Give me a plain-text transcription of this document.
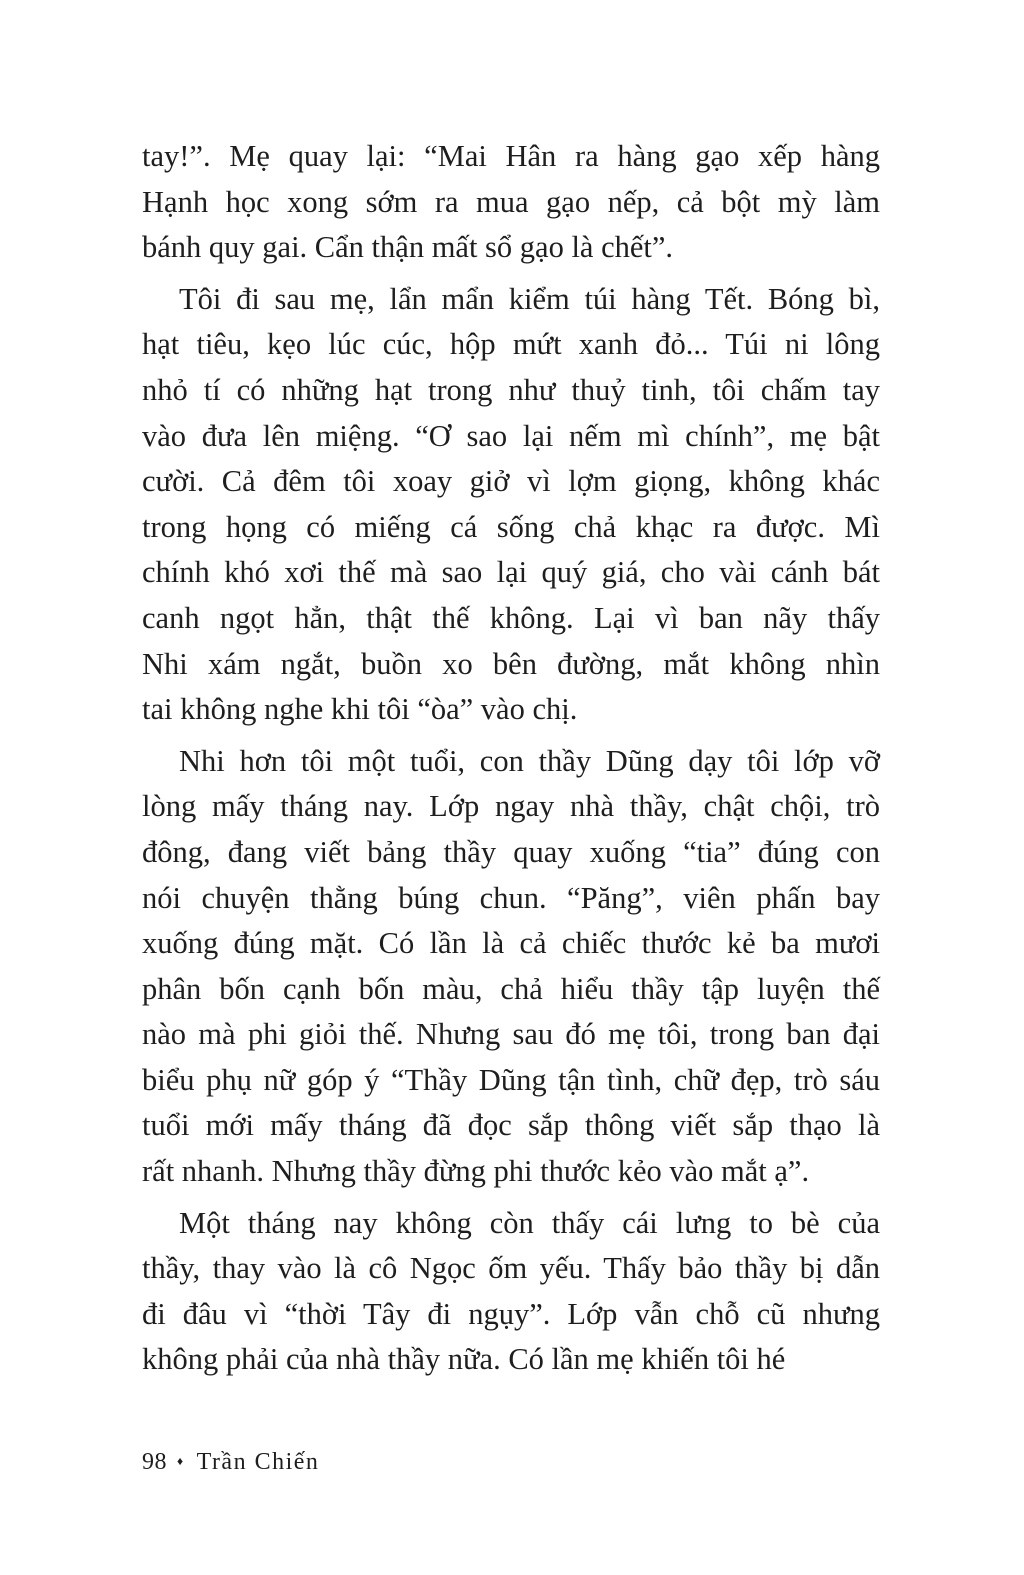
tay!”. Mẹ quay lại: “Mai Hân ra hàng gạo xếp hàng
Hạnh học xong sớm ra mua gạo nếp, cả bột mỳ làm
bánh quy gai. Cẩn thận mất sổ gạo là chết”.
Tôi đi sau mẹ, lẩn mẩn kiểm túi hàng Tết. Bóng bì,
hạt tiêu, kẹo lúc cúc, hộp mứt xanh đỏ... Túi ni lông
nhỏ tí có những hạt trong như thuỷ tinh, tôi chấm tay
vào đưa lên miệng. “Ơ sao lại nếm mì chính”, mẹ bật
cười. Cả đêm tôi xoay giở vì lợm giọng, không khác
trong họng có miếng cá sống chả khạc ra được. Mì
chính khó xơi thế mà sao lại quý giá, cho vài cánh bát
canh ngọt hẳn, thật thế không. Lại vì ban nãy thấy
Nhi xám ngắt, buồn xo bên đường, mắt không nhìn
tai không nghe khi tôi “òa” vào chị.
Nhi hơn tôi một tuổi, con thầy Dũng dạy tôi lớp vỡ
lòng mấy tháng nay. Lớp ngay nhà thầy, chật chội, trò
đông, đang viết bảng thầy quay xuống “tia” đúng con
nói chuyện thằng búng chun. “Păng”, viên phấn bay
xuống đúng mặt. Có lần là cả chiếc thước kẻ ba mươi
phân bốn cạnh bốn màu, chả hiểu thầy tập luyện thế
nào mà phi giỏi thế. Nhưng sau đó mẹ tôi, trong ban đại
biểu phụ nữ góp ý “Thầy Dũng tận tình, chữ đẹp, trò sáu
tuổi mới mấy tháng đã đọc sắp thông viết sắp thạo là
rất nhanh. Nhưng thầy đừng phi thước kẻo vào mắt ạ”.
Một tháng nay không còn thấy cái lưng to bè của
thầy, thay vào là cô Ngọc ốm yếu. Thấy bảo thầy bị dẫn
đi đâu vì “thời Tây đi ngụy”. Lớp vẫn chỗ cũ nhưng
không phải của nhà thầy nữa. Có lần mẹ khiến tôi hé
98 ♦ Trần Chiến
